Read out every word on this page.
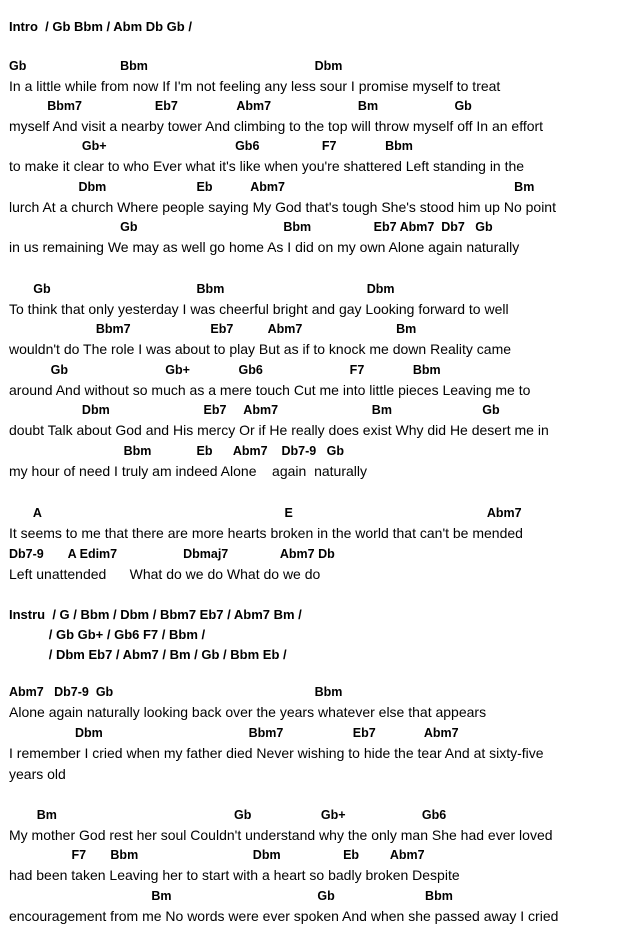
Intro  / Gb Bbm / Abm Db Gb /
Gb                           Bbm                                                Dbm
In a little while from now If I'm not feeling any less sour I promise myself to treat
Bbm7                     Eb7                 Abm7                         Bm                      Gb
myself And visit a nearby tower And climbing to the top will throw myself off In an effort
Gb+                                     Gb6                  F7              Bbm
to make it clear to who Ever what it's like when you're shattered Left standing in the
Dbm                          Eb           Abm7                                                                  Bm
lurch At a church Where people saying My God that's tough She's stood him up No point
Gb                                          Bbm                  Eb7 Abm7  Db7   Gb
in us remaining We may as well go home As I did on my own Alone again naturally
Gb                                          Bbm                                         Dbm
To think that only yesterday I was cheerful bright and gay Looking forward to well
Bbm7                       Eb7          Abm7                           Bm
wouldn't do The role I was about to play But as if to knock me down Reality came
Gb                            Gb+              Gb6                         F7              Bbm
around And without so much as a mere touch Cut me into little pieces Leaving me to
Dbm                           Eb7     Abm7                           Bm                          Gb
doubt Talk about God and His mercy Or if He really does exist Why did He desert me in
Bbm             Eb      Abm7    Db7-9   Gb
my hour of need I truly am indeed Alone    again  naturally
A                                                                      E                                                        Abm7
It seems to me that there are more hearts broken in the world that can't be mended
Db7-9       A Edim7                   Dbmaj7               Abm7 Db
Left unattended      What do we do What do we do
Instru  / G / Bbm / Dbm / Bbm7 Eb7 / Abm7 Bm /
/ Gb Gb+ / Gb6 F7 / Bbm /
/ Dbm Eb7 / Abm7 / Bm / Gb / Bbm Eb /
Abm7   Db7-9  Gb                                                          Bbm
Alone again naturally looking back over the years whatever else that appears
Dbm                                          Bbm7                    Eb7              Abm7
I remember I cried when my father died Never wishing to hide the tear And at sixty-five
years old
Bm                                                   Gb                    Gb+                      Gb6
My mother God rest her soul Couldn't understand why the only man She had ever loved
F7       Bbm                                 Dbm                  Eb         Abm7
had been taken Leaving her to start with a heart so badly broken Despite
Bm                                          Gb                          Bbm
encouragement from me No words were ever spoken And when she passed away I cried
